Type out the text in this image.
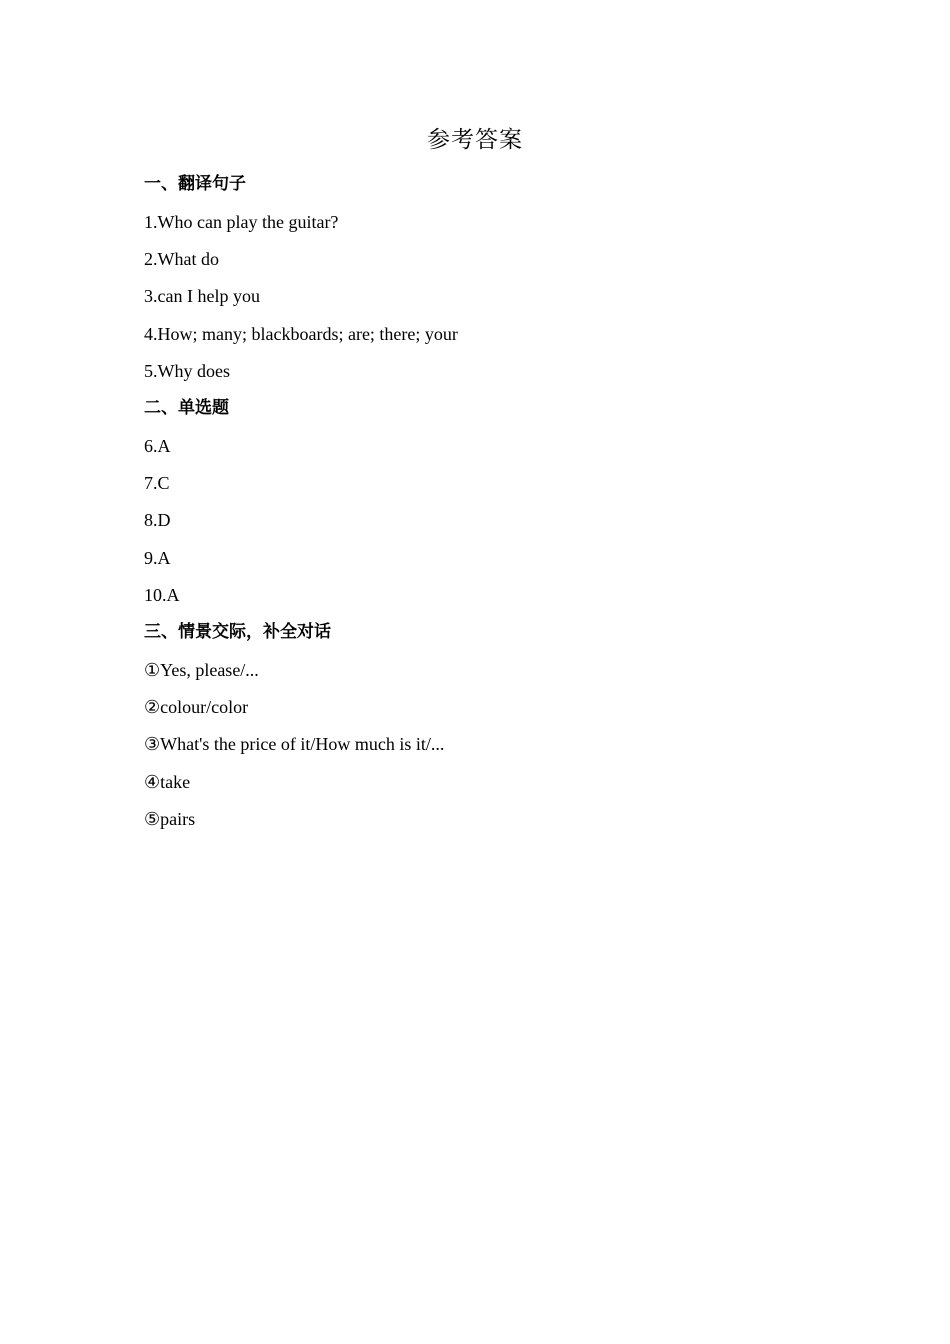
参考答案
一、翻译句子
1.Who can play the guitar?
2.What do
3.can I help you
4.How; many; blackboards; are; there; your
5.Why does
二、单选题
6.A
7.C
8.D
9.A
10.A
三、情景交际，补全对话
①Yes, please/...
②colour/color
③What's the price of it/How much is it/...
④take
⑤pairs
